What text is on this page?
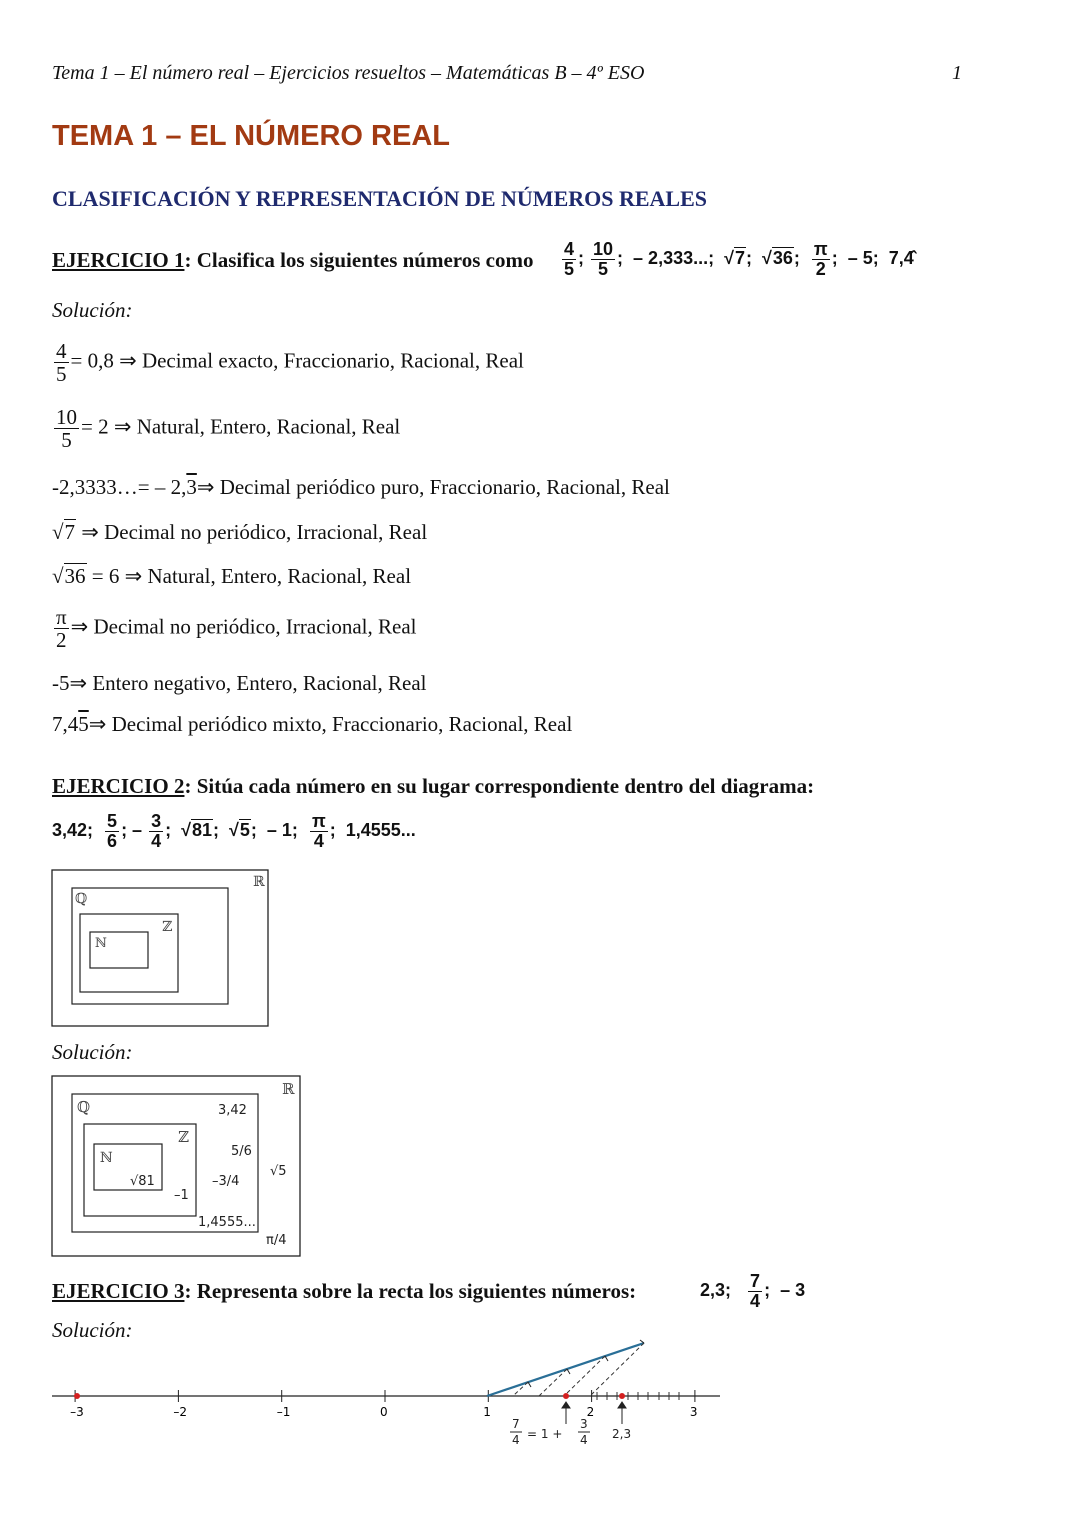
Tema 1 – El número real – Ejercicios resueltos – Matemáticas B – 4º ESO	1
TEMA 1 – EL NÚMERO REAL
CLASIFICACIÓN Y REPRESENTACIÓN DE NÚMEROS REALES
EJERCICIO 1: Clasifica los siguientes números como $\frac{4}{5}$ ; $\frac{10}{5}$ ;  – 2,333...;  √7;  √36; $\frac{\pi}{2}$ ;  – 5; 7,4̂
Solución:
$\frac{4}{5} = 0,8$ ⇒ Decimal exacto, Fraccionario, Racional, Real
$\frac{10}{5} = 2$ ⇒ Natural, Entero, Racional, Real
-2,3333…= – 2,3⇒ Decimal periódico puro, Fraccionario, Racional, Real
√7 ⇒ Decimal no periódico, Irracional, Real
√36 = 6 ⇒ Natural, Entero, Racional, Real
$\frac{\pi}{2}$ ⇒ Decimal no periódico, Irracional, Real
-5⇒ Entero negativo, Entero, Racional, Real
7,45⇒ Decimal periódico mixto, Fraccionario, Racional, Real
EJERCICIO 2: Sitúa cada número en su lugar correspondiente dentro del diagrama:
3,42; $\frac{5}{6}$ ; – $\frac{3}{4}$ ;  √81;  √5;  – 1; $\frac{\pi}{4}$ ;  1,4555...
ℝ
ℚ
ℤ
ℕ
Solución:
ℝ
ℚ
ℤ
ℕ
3,42
5/6
–3/4
–1
√81
√5
1,4555...
π/4
EJERCICIO 3: Representa sobre la recta los siguientes números:	2,3; $\frac{7}{4}$ ;  – 3
Solución:
–3	–2	–1	0	1	2	3
7
4 = 1 +
3
4 2,3
